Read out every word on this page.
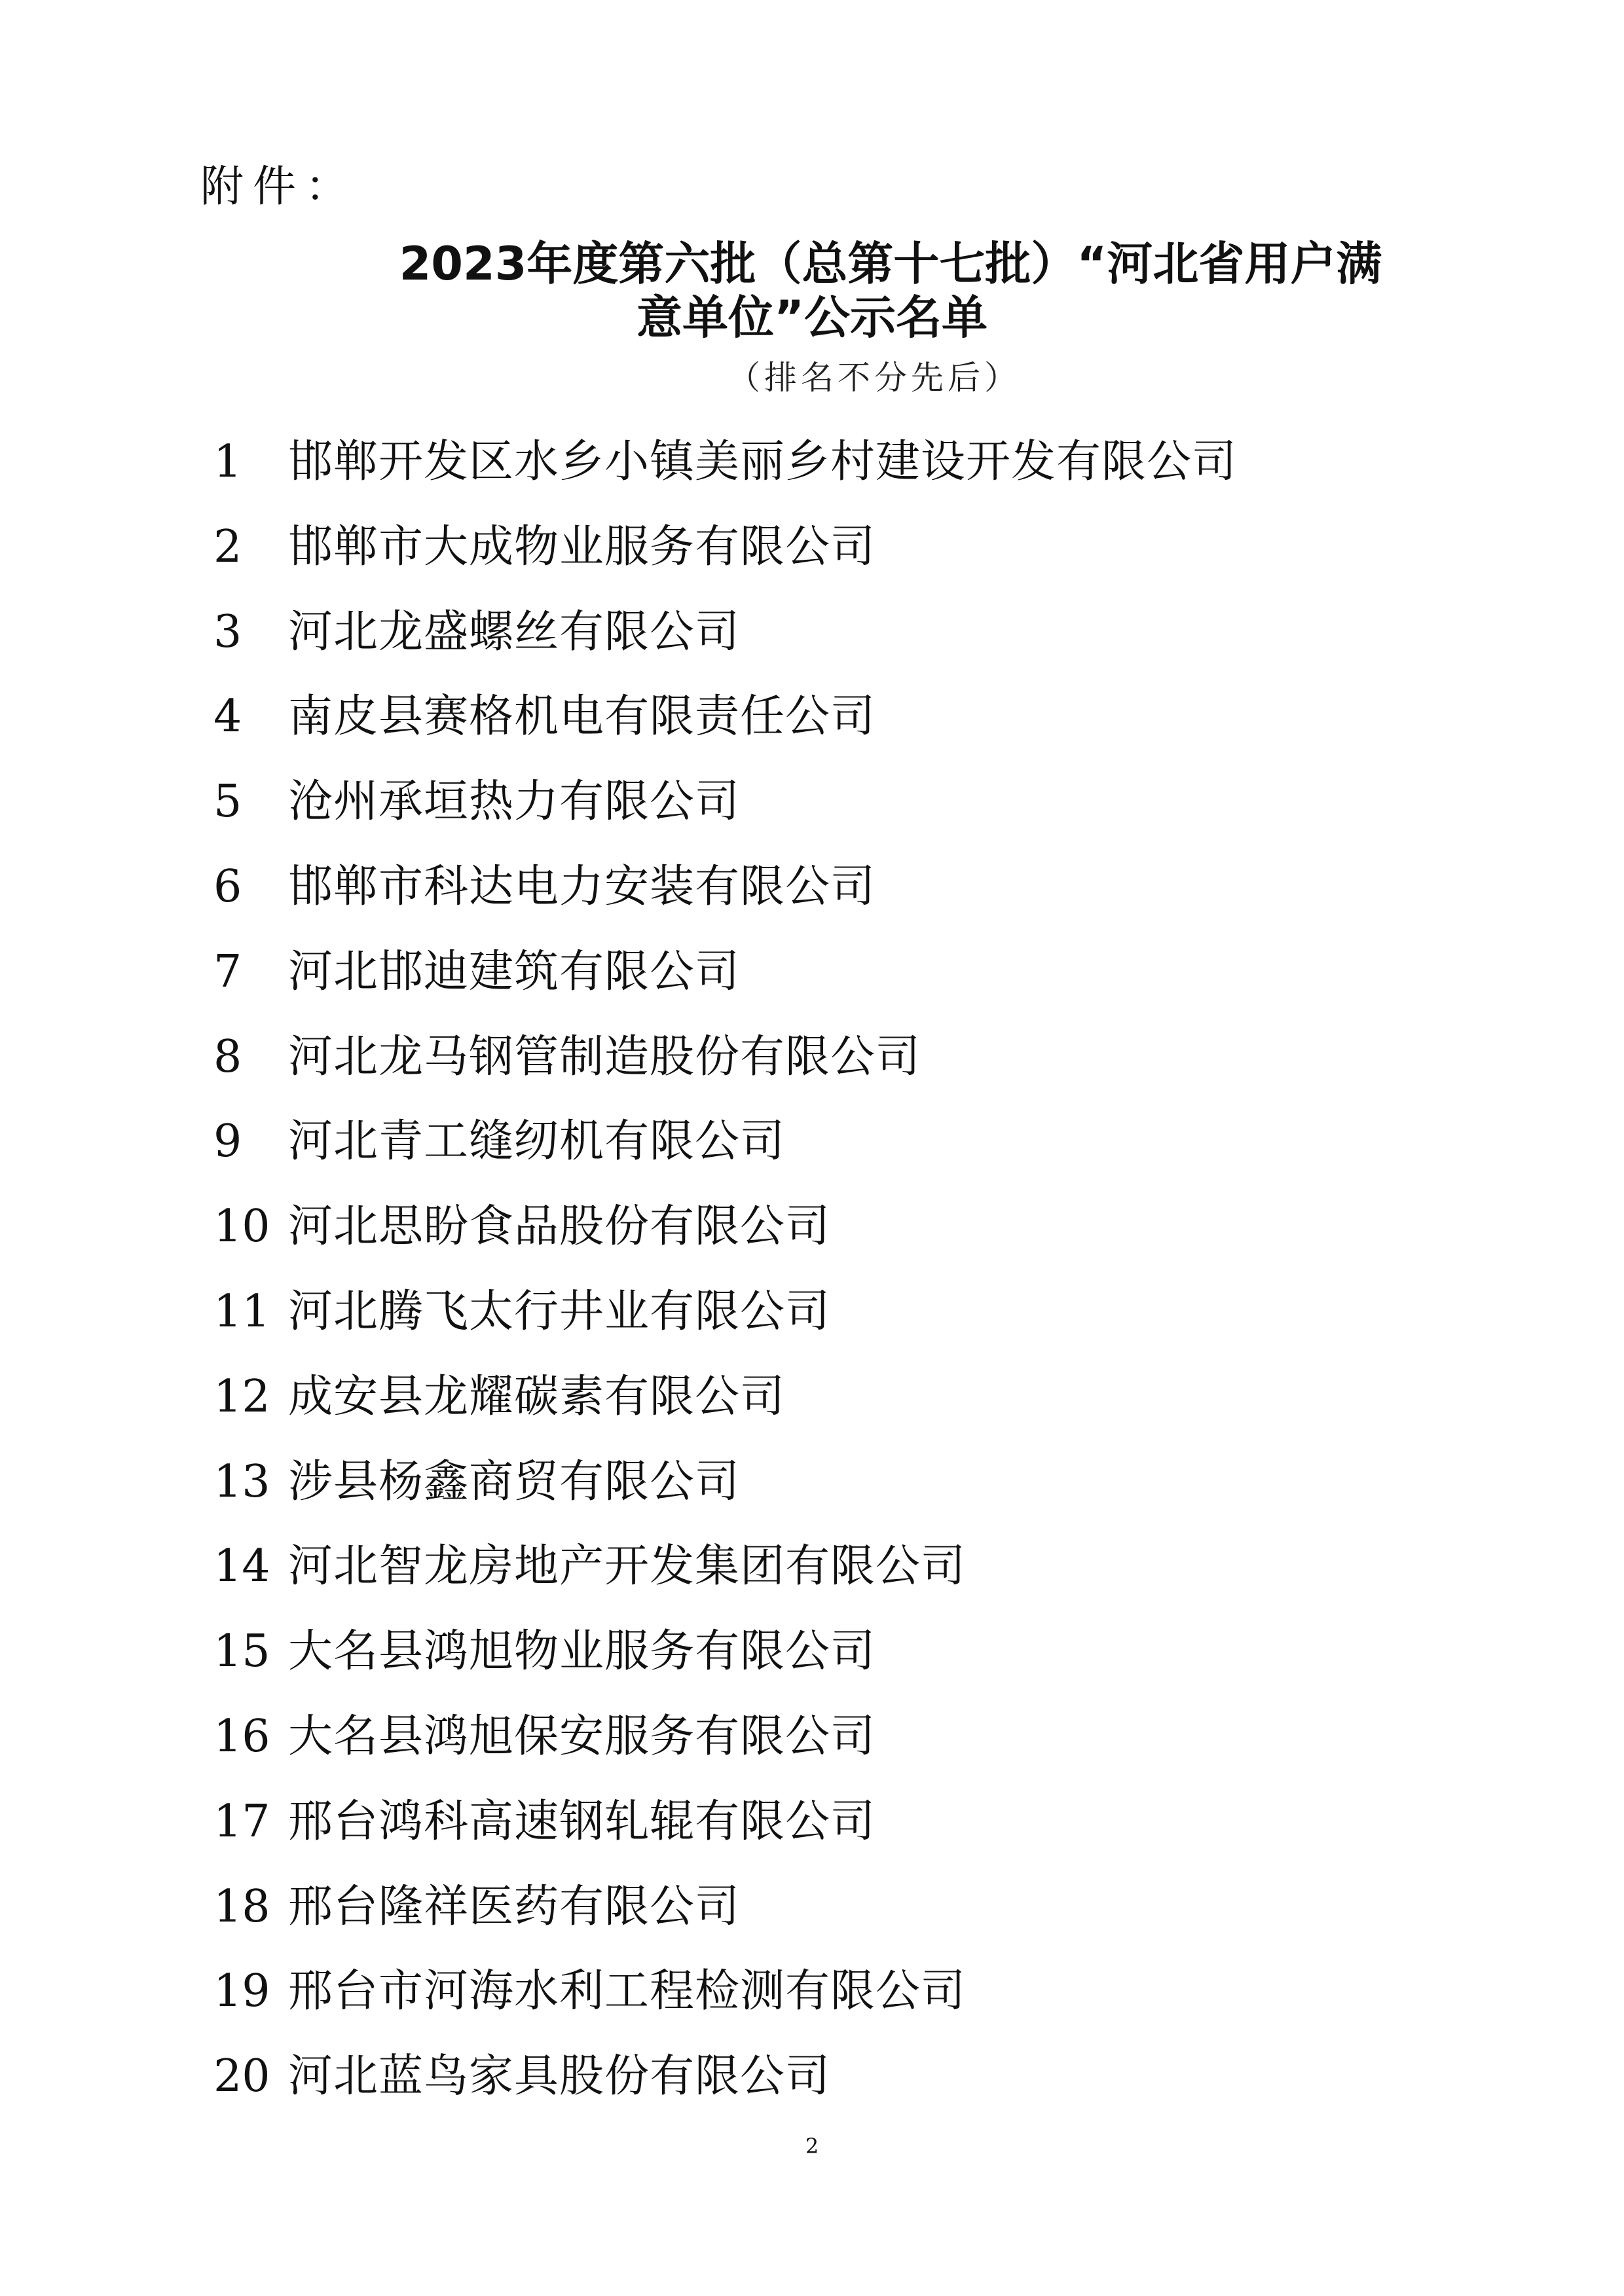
附件：
2023年度第六批（总第十七批）“河北省用户满
意单位”公示名单
（排名不分先后）
1 邯郸开发区水乡小镇美丽乡村建设开发有限公司
2 邯郸市大成物业服务有限公司
3 河北龙盛螺丝有限公司
4 南皮县赛格机电有限责任公司
5 沧州承垣热力有限公司
6 邯郸市科达电力安装有限公司
7 河北邯迪建筑有限公司
8 河北龙马钢管制造股份有限公司
9 河北青工缝纫机有限公司
10 河北思盼食品股份有限公司
11 河北腾飞太行井业有限公司
12 成安县龙耀碳素有限公司
13 涉县杨鑫商贸有限公司
14 河北智龙房地产开发集团有限公司
15 大名县鸿旭物业服务有限公司
16 大名县鸿旭保安服务有限公司
17 邢台鸿科高速钢轧辊有限公司
18 邢台隆祥医药有限公司
19 邢台市河海水利工程检测有限公司
20 河北蓝鸟家具股份有限公司
2
